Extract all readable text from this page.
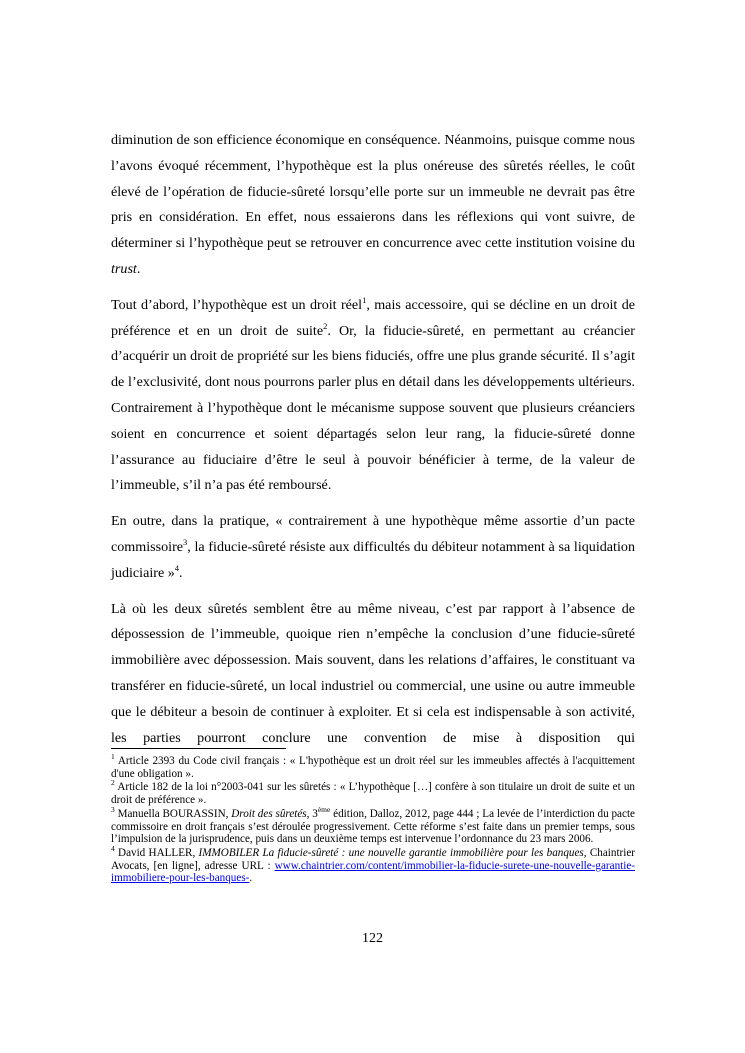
diminution de son efficience économique en conséquence. Néanmoins, puisque comme nous l’avons évoqué récemment, l’hypothèque est la plus onéreuse des sûretés réelles, le coût élevé de l’opération de fiducie-sûreté lorsqu’elle porte sur un immeuble ne devrait pas être pris en considération. En effet, nous essaierons dans les réflexions qui vont suivre, de déterminer si l’hypothèque peut se retrouver en concurrence avec cette institution voisine du trust.

Tout d’abord, l’hypothèque est un droit réel$^1$, mais accessoire, qui se décline en un droit de préférence et en un droit de suite$^2$. Or, la fiducie-sûreté, en permettant au créancier d’acquérir un droit de propriété sur les biens fiduciés, offre une plus grande sécurité. Il s’agit de l’exclusivité, dont nous pourrons parler plus en détail dans les développements ultérieurs. Contrairement à l’hypothèque dont le mécanisme suppose souvent que plusieurs créanciers soient en concurrence et soient départagés selon leur rang, la fiducie-sûreté donne l’assurance au fiduciaire d’être le seul à pouvoir bénéficier à terme, de la valeur de l’immeuble, s’il n’a pas été remboursé.

En outre, dans la pratique, « contrairement à une hypothèque même assortie d’un pacte commissoire$^3$, la fiducie-sûreté résiste aux difficultés du débiteur notamment à sa liquidation judiciaire »$^4$.

Là où les deux sûretés semblent être au même niveau, c’est par rapport à l’absence de dépossession de l’immeuble, quoique rien n’empêche la conclusion d’une fiducie-sûreté immobilière avec dépossession. Mais souvent, dans les relations d’affaires, le constituant va transférer en fiducie-sûreté, un local industriel ou commercial, une usine ou autre immeuble que le débiteur a besoin de continuer à exploiter. Et si cela est indispensable à son activité, les parties pourront conclure une convention de mise à disposition qui

$^1$ Article 2393 du Code civil français : « L'hypothèque est un droit réel sur les immeubles affectés à l'acquittement d'une obligation ».
$^2$ Article 182 de la loi n°2003-041 sur les sûretés : « L’hypothèque […] confère à son titulaire un droit de suite et un droit de préférence ».
$^3$ Manuella BOURASSIN, Droit des sûretés, 3ème édition, Dalloz, 2012, page 444 ; La levée de l’interdiction du pacte commissoire en droit français s’est déroulée progressivement. Cette réforme s’est faite dans un premier temps, sous l’impulsion de la jurisprudence, puis dans un deuxième temps est intervenue l’ordonnance du 23 mars 2006.
$^4$ David HALLER, IMMOBILER La fiducie-sûreté : une nouvelle garantie immobilière pour les banques, Chaintrier Avocats, [en ligne], adresse URL : www.chaintrier.com/content/immobilier-la-fiducie-surete-une-nouvelle-garantie-immobiliere-pour-les-banques-.
122
